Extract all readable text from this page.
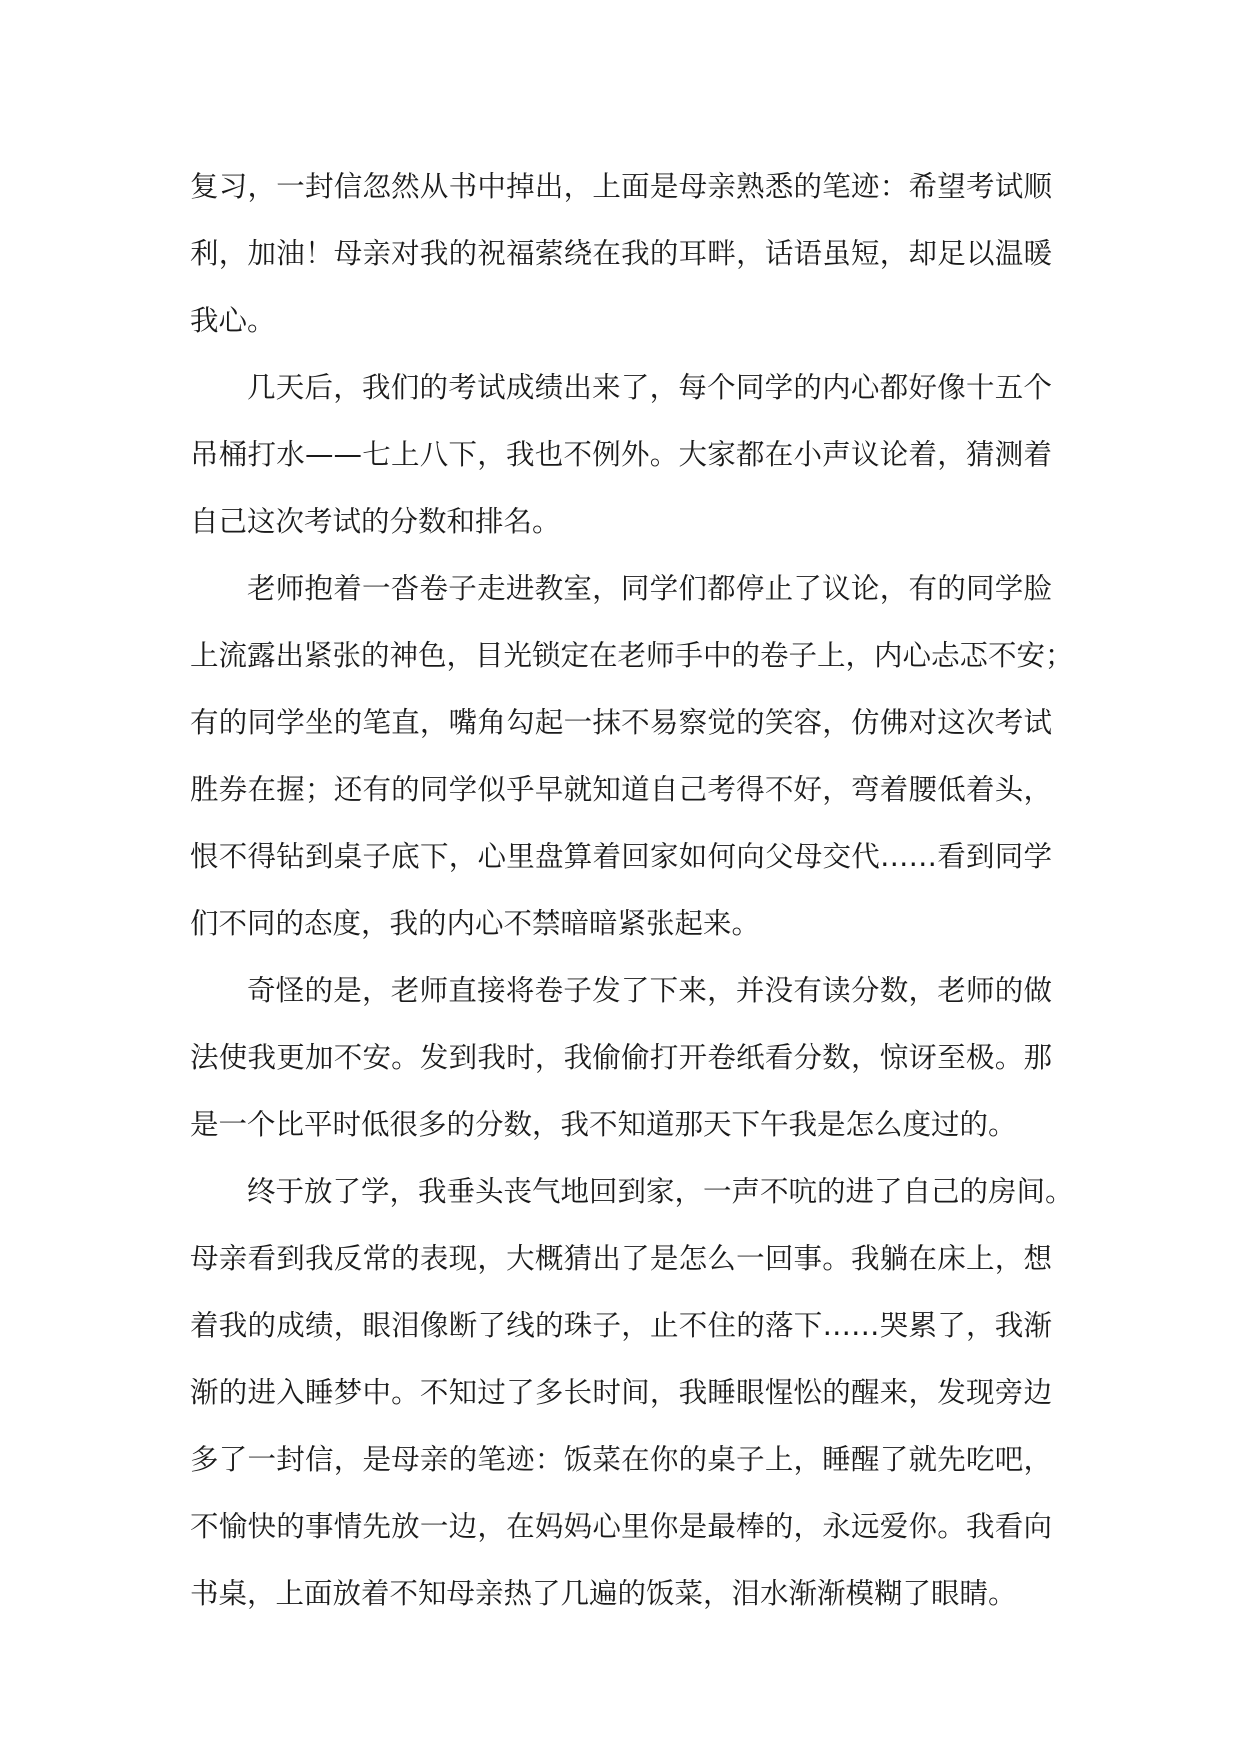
复习，一封信忽然从书中掉出，上面是母亲熟悉的笔迹：希望考试顺
利，加油！母亲对我的祝福萦绕在我的耳畔，话语虽短，却足以温暖
我心。
几天后，我们的考试成绩出来了，每个同学的内心都好像十五个
吊桶打水——七上八下，我也不例外。大家都在小声议论着，猜测着
自己这次考试的分数和排名。
老师抱着一沓卷子走进教室，同学们都停止了议论，有的同学脸
上流露出紧张的神色，目光锁定在老师手中的卷子上，内心忐忑不安；
有的同学坐的笔直，嘴角勾起一抹不易察觉的笑容，仿佛对这次考试
胜券在握；还有的同学似乎早就知道自己考得不好，弯着腰低着头，
恨不得钻到桌子底下，心里盘算着回家如何向父母交代……看到同学
们不同的态度，我的内心不禁暗暗紧张起来。
奇怪的是，老师直接将卷子发了下来，并没有读分数，老师的做
法使我更加不安。发到我时，我偷偷打开卷纸看分数，惊讶至极。那
是一个比平时低很多的分数，我不知道那天下午我是怎么度过的。
终于放了学，我垂头丧气地回到家，一声不吭的进了自己的房间。
母亲看到我反常的表现，大概猜出了是怎么一回事。我躺在床上，想
着我的成绩，眼泪像断了线的珠子，止不住的落下……哭累了，我渐
渐的进入睡梦中。不知过了多长时间，我睡眼惺忪的醒来，发现旁边
多了一封信，是母亲的笔迹：饭菜在你的桌子上，睡醒了就先吃吧，
不愉快的事情先放一边，在妈妈心里你是最棒的，永远爱你。我看向
书桌，上面放着不知母亲热了几遍的饭菜，泪水渐渐模糊了眼睛。
